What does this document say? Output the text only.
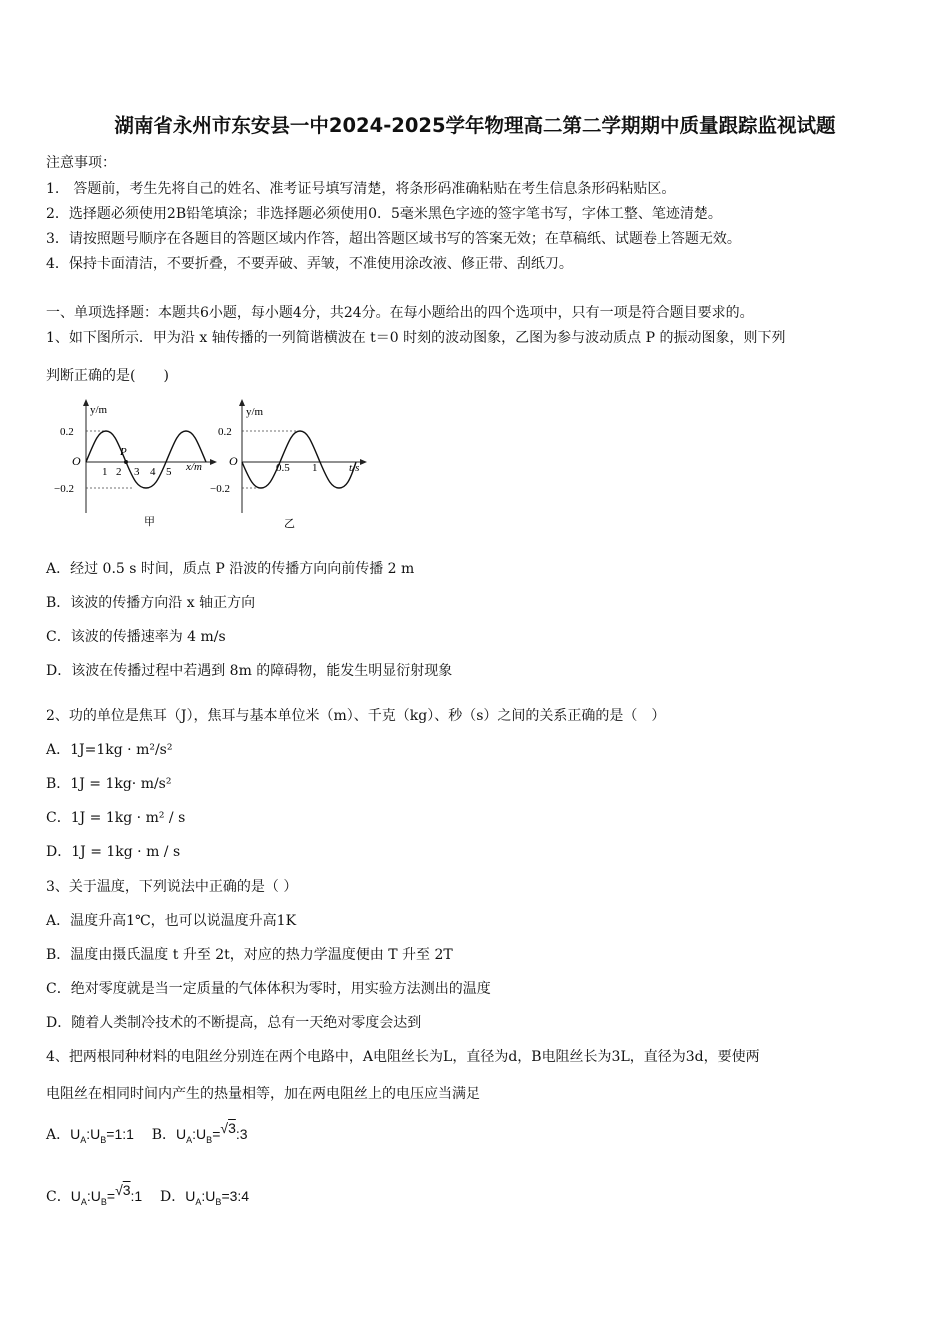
湖南省永州市东安县一中2024-2025学年物理高二第二学期期中质量跟踪监视试题
注意事项：
1.　答题前，考生先将自己的姓名、准考证号填写清楚，将条形码准确粘贴在考生信息条形码粘贴区。
2．选择题必须使用2B铅笔填涂；非选择题必须使用0．5毫米黑色字迹的签字笔书写，字体工整、笔迹清楚。
3．请按照题号顺序在各题目的答题区域内作答，超出答题区域书写的答案无效；在草稿纸、试题卷上答题无效。
4．保持卡面清洁，不要折叠，不要弄破、弄皱，不准使用涂改液、修正带、刮纸刀。
一、单项选择题：本题共6小题，每小题4分，共24分。在每小题给出的四个选项中，只有一项是符合题目要求的。
1、如下图所示．甲为沿 x 轴传播的一列简谐横波在 t＝0 时刻的波动图象，乙图为参与波动质点 P 的振动图象，则下列
判断正确的是(　　)
y/m
0.2
−0.2
O
1 2 3 4 5
P
x/m
甲
y/m
0.2
−0.2
O	0.5 1	t/s
乙
A．经过 0.5 s 时间，质点 P 沿波的传播方向向前传播 2 m
B．该波的传播方向沿 x 轴正方向
C．该波的传播速率为 4 m/s
D．该波在传播过程中若遇到 8m 的障碍物，能发生明显衍射现象
2、功的单位是焦耳（J），焦耳与基本单位米（m）、千克（kg）、秒（s）之间的关系正确的是（　）
A．1J=1kg · m²/s²
B．1J = 1kg· m/s²
C．1J = 1kg · m² / s
D．1J = 1kg · m / s
3、关于温度，下列说法中正确的是（ ）
A．温度升高1℃，也可以说温度升高1K
B．温度由摄氏温度 t 升至 2t，对应的热力学温度便由 T 升至 2T
C．绝对零度就是当一定质量的气体体积为零时，用实验方法测出的温度
D．随着人类制冷技术的不断提高，总有一天绝对零度会达到
4、把两根同种材料的电阻丝分别连在两个电路中，A电阻丝长为L，直径为d，B电阻丝长为3L，直径为3d，要使两
电阻丝在相同时间内产生的热量相等，加在两电阻丝上的电压应当满足
A．$U_A:U_B=1:1$ B．$U_A:U_B=√3:3$
C．$U_A:U_B=√3:1$ D．$U_A:U_B=3:4$
